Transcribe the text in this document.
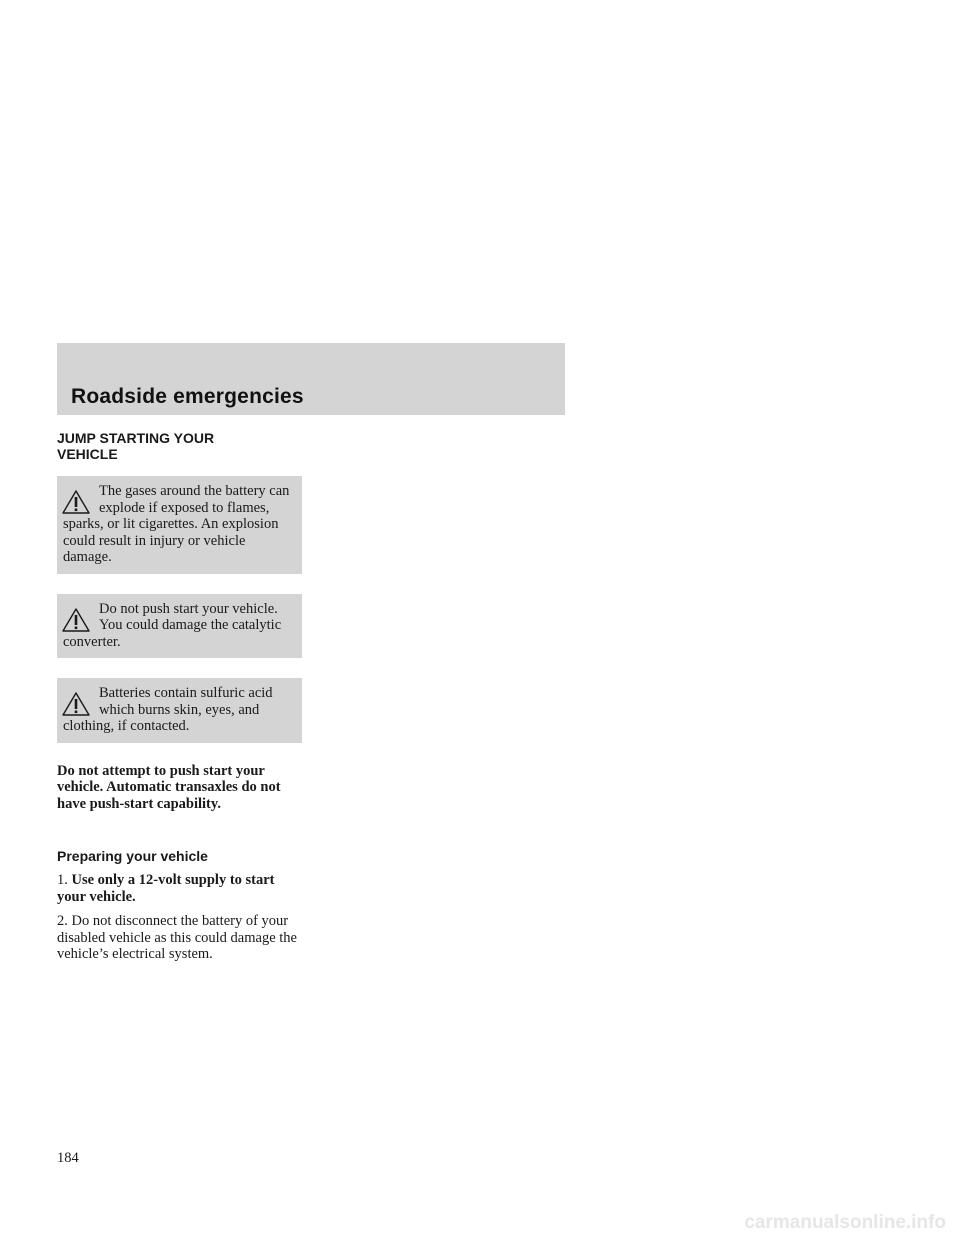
Roadside emergencies
JUMP STARTING YOUR VEHICLE
The gases around the battery can explode if exposed to flames, sparks, or lit cigarettes. An explosion could result in injury or vehicle damage.
Do not push start your vehicle. You could damage the catalytic converter.
Batteries contain sulfuric acid which burns skin, eyes, and clothing, if contacted.

Do not attempt to push start your vehicle. Automatic transaxles do not have push-start capability.

Preparing your vehicle

1. Use only a 12-volt supply to start your vehicle.

2. Do not disconnect the battery of your disabled vehicle as this could damage the vehicle’s electrical system.

184
carmanualsonline.info
